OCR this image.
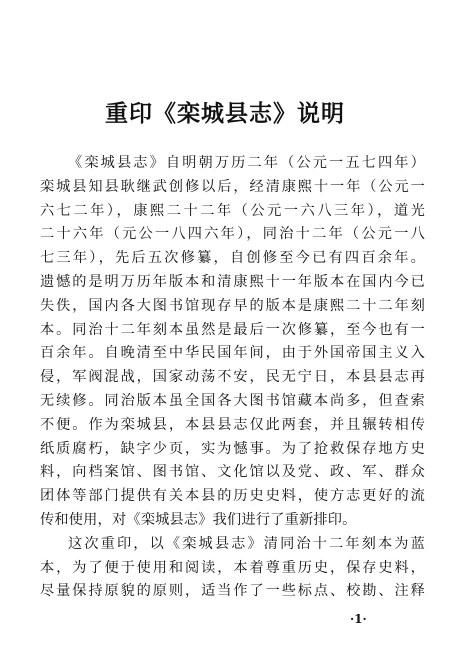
重印《栾城县志》说明
《栾城县志》自明朝万历二年（公元一五七四年）
栾城县知县耿继武创修以后，经清康熙十一年（公元一
六七二年），康熙二十二年（公元一六八三年），道光
二十六年（元公一八四六年），同治十二年（公元一八
七三年），先后五次修纂，自创修至今已有四百余年。
遗憾的是明万历年版本和清康熙十一年版本在国内今已
失佚，国内各大图书馆现存早的版本是康熙二十二年刻
本。同治十二年刻本虽然是最后一次修纂，至今也有一
百余年。自晚清至中华民国年间，由于外国帝国主义入
侵，军阀混战，国家动荡不安，民无宁日，本县县志再
无续修。同治版本虽全国各大图书馆藏本尚多，但查索
不便。作为栾城县，本县县志仅此两套，并且辗转相传
纸质腐朽，缺字少页，实为憾事。为了抢救保存地方史
料，向档案馆、图书馆、文化馆以及党、政、军、群众
团体等部门提供有关本县的历史史料，使方志更好的流
传和使用，对《栾城县志》我们进行了重新排印。
这次重印，以《栾城县志》清同治十二年刻本为蓝
本，为了便于使用和阅读，本着尊重历史，保存史料，
尽量保持原貌的原则，适当作了一些标点、校勘、注释
·1·
